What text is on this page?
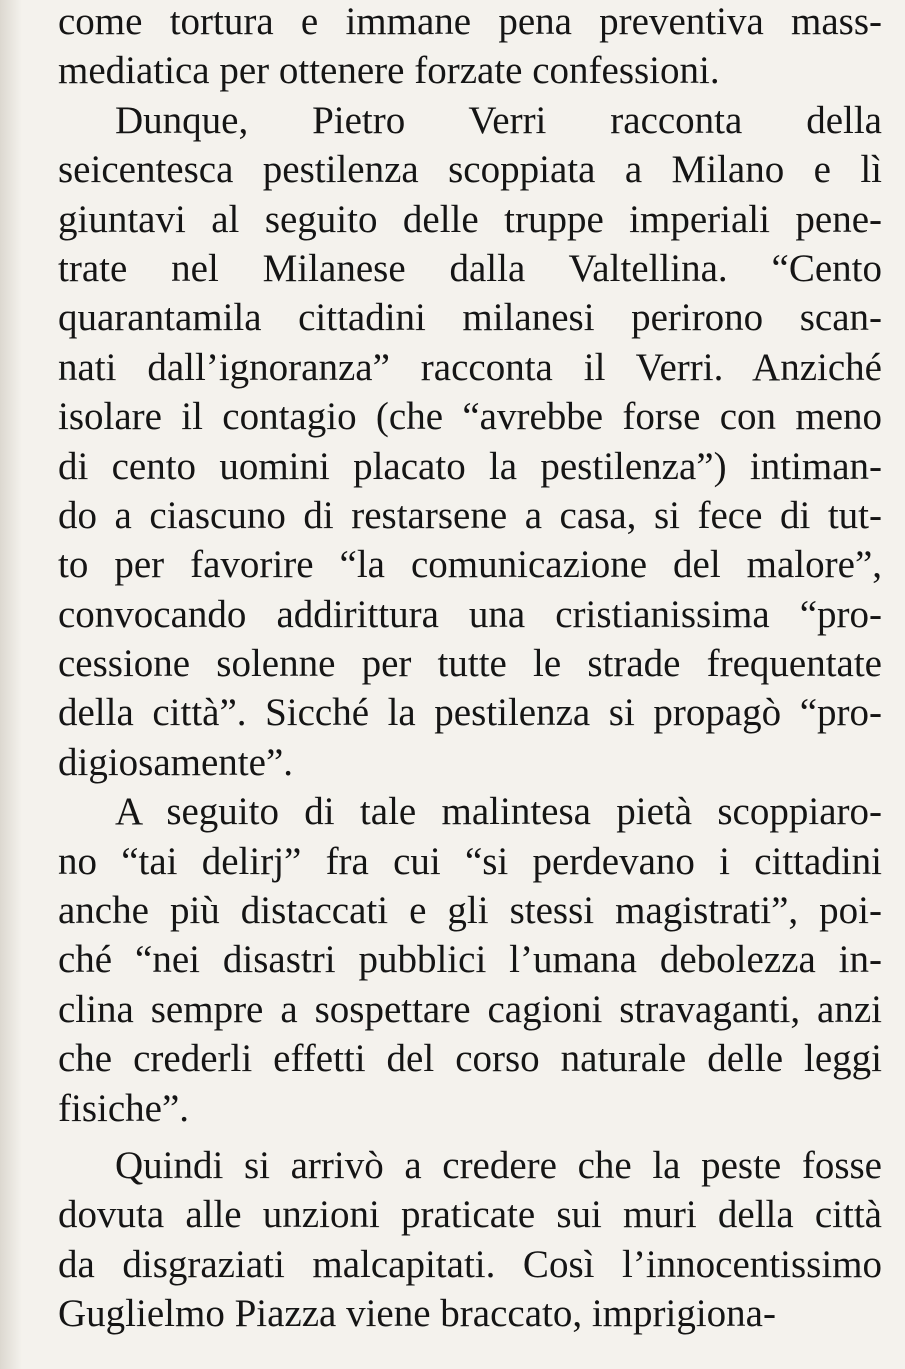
come tortura e immane pena preventiva mass-
mediatica per ottenere forzate confessioni.
Dunque, Pietro Verri racconta della
seicentesca pestilenza scoppiata a Milano e lì
giuntavi al seguito delle truppe imperiali pene-
trate nel Milanese dalla Valtellina. “Cento
quarantamila cittadini milanesi perirono scan-
nati dall’ignoranza” racconta il Verri. Anziché
isolare il contagio (che “avrebbe forse con meno
di cento uomini placato la pestilenza”) intiman-
do a ciascuno di restarsene a casa, si fece di tut-
to per favorire “la comunicazione del malore”,
convocando addirittura una cristianissima “pro-
cessione solenne per tutte le strade frequentate
della città”. Sicché la pestilenza si propagò “pro-
digiosamente”.
A seguito di tale malintesa pietà scoppiaro-
no “tai delirj” fra cui “si perdevano i cittadini
anche più distaccati e gli stessi magistrati”, poi-
ché “nei disastri pubblici l’umana debolezza in-
clina sempre a sospettare cagioni stravaganti, anzi
che crederli effetti del corso naturale delle leggi
fisiche”.
Quindi si arrivò a credere che la peste fosse
dovuta alle unzioni praticate sui muri della città
da disgraziati malcapitati. Così l’innocentissimo
Guglielmo Piazza viene braccato, imprigiona-
